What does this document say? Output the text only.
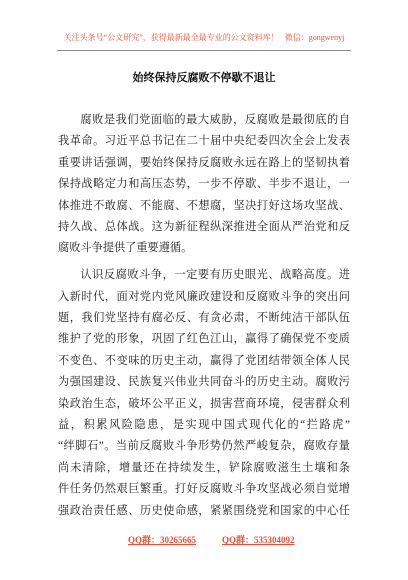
关注头条号“公文研究”，获得最新最全最专业的公文资料库！ 微信：gongwenyj
始终保持反腐败不停歇不退让
腐败是我们党面临的最大威胁，反腐败是最彻底的自
我革命。习近平总书记在二十届中央纪委四次全会上发表
重要讲话强调，要始终保持反腐败永远在路上的坚韧执着
保持战略定力和高压态势，一步不停歇、半步不退让，一
体推进不敢腐、不能腐、不想腐，坚决打好这场攻坚战、
持久战、总体战。这为新征程纵深推进全面从严治党和反
腐败斗争提供了重要遵循。
认识反腐败斗争，一定要有历史眼光、战略高度。进
入新时代，面对党内党风廉政建设和反腐败斗争的突出问
题，我们党坚持有腐必反、有贪必肃，不断纯洁干部队伍
维护了党的形象，巩固了红色江山，赢得了确保党不变质
不变色、不变味的历史主动，赢得了党团结带领全体人民
为强国建设、民族复兴伟业共同奋斗的历史主动。腐败污
染政治生态，破坏公平正义，损害营商环境，侵害群众利
益，积累风险隐患，是实现中国式现代化的“拦路虎”
“绊脚石”。当前反腐败斗争形势仍然严峻复杂，腐败存量
尚未清除，增量还在持续发生，铲除腐败滋生土壤和条
件任务仍然艰巨繁重。打好反腐败斗争攻坚战必须自觉增
强政治责任感、历史使命感，紧紧围绕党和国家的中心任
QQ群：30265665	QQ群：535304092
